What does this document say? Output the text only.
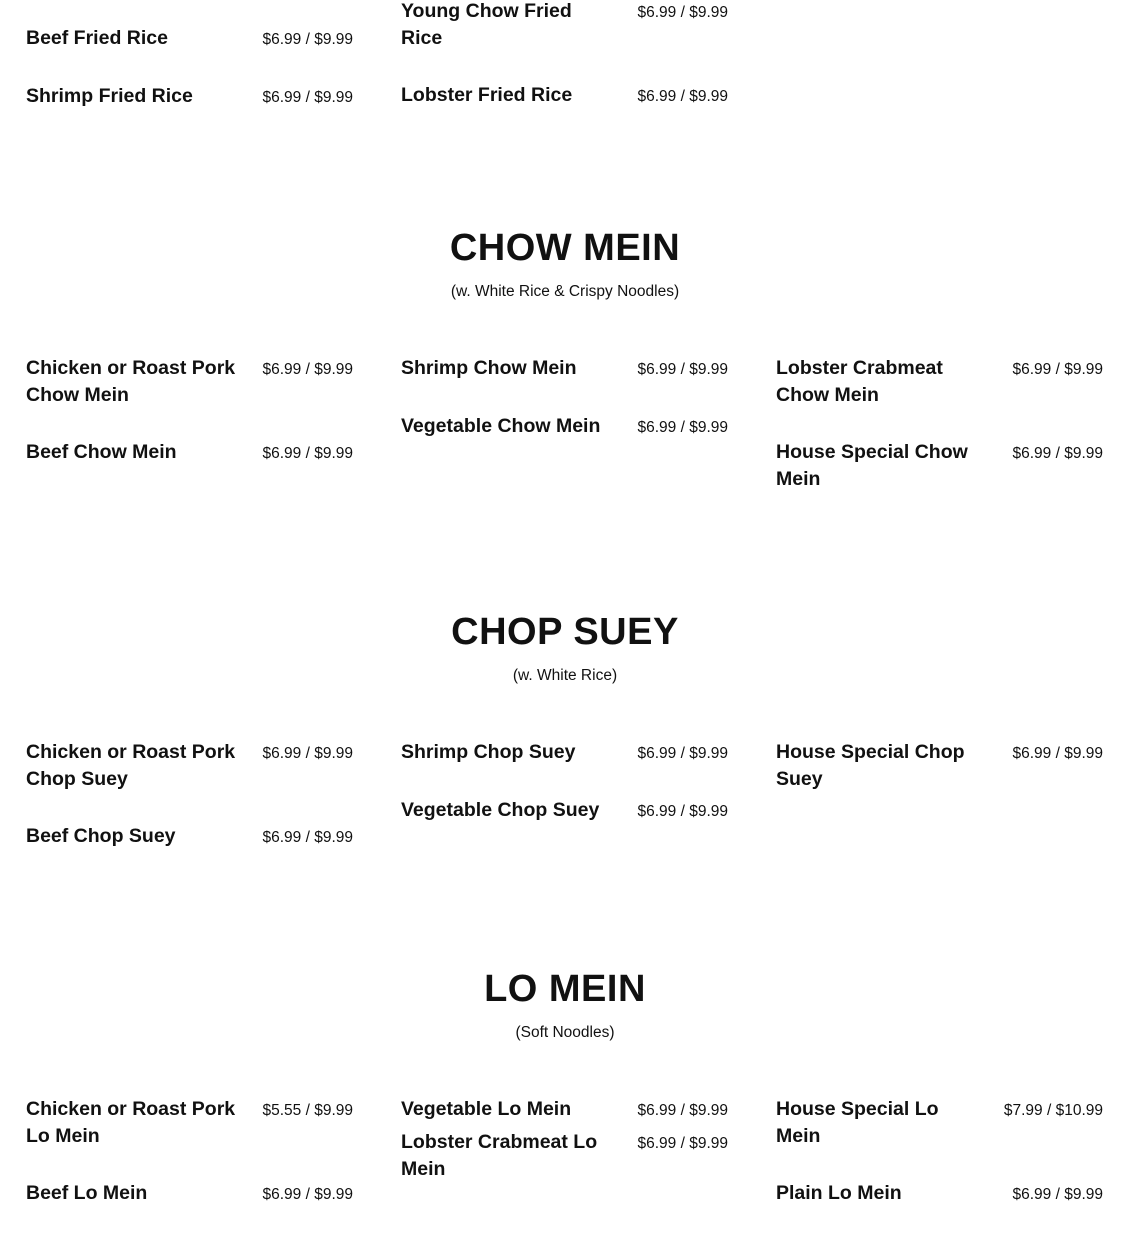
Beef Fried Rice	$6.99 / $9.99
Shrimp Fried Rice	$6.99 / $9.99
Young Chow Fried Rice
$6.99 / $9.99
Lobster Fried Rice	$6.99 / $9.99
CHOW MEIN
(w. White Rice & Crispy Noodles)
Chicken or Roast Pork Chow Mein
$6.99 / $9.99
Beef Chow Mein	$6.99 / $9.99
Shrimp Chow Mein	$6.99 / $9.99
Vegetable Chow Mein $6.99 / $9.99
Lobster Crabmeat Chow Mein
$6.99 / $9.99
House Special Chow Mein
$6.99 / $9.99
CHOP SUEY
(w. White Rice)
Chicken or Roast Pork Chop Suey
$6.99 / $9.99
Beef Chop Suey	$6.99 / $9.99
Shrimp Chop Suey	$6.99 / $9.99
Vegetable Chop Suey $6.99 / $9.99
House Special Chop Suey
$6.99 / $9.99
LO MEIN
(Soft Noodles)
Chicken or Roast Pork Lo Mein
$5.55 / $9.99
Beef Lo Mein	$6.99 / $9.99
Vegetable Lo Mein	$6.99 / $9.99
Lobster Crabmeat Lo Mein
$6.99 / $9.99
House Special Lo Mein
$7.99 / $10.99
Plain Lo Mein	$6.99 / $9.99
